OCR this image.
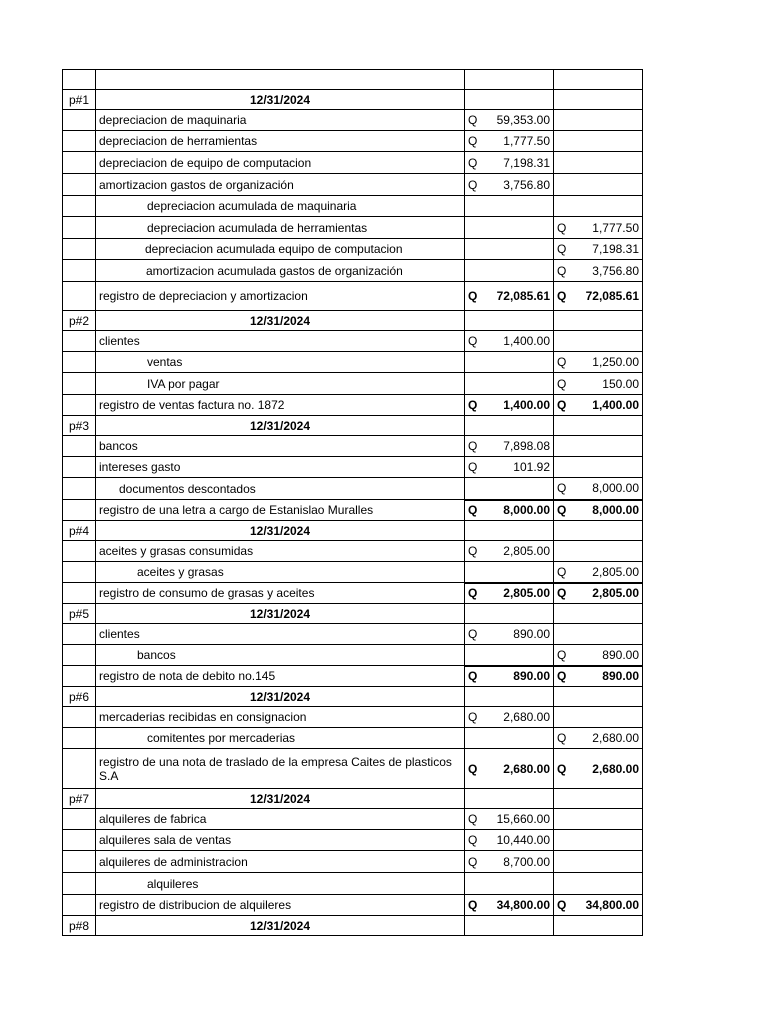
p#1	12/31/2024		
	depreciacion de maquinaria	Q 59,353.00	

	depreciacion de herramientas	Q 1,777.50	

	depreciacion de equipo de computacion	Q 7,198.31	

	amortizacion gastos de organización	Q 3,756.80	

	depreciacion acumulada de maquinaria		
	depreciacion acumulada de herramientas		Q 1,777.50

	depreciacion acumulada equipo de computacion		Q 7,198.31

	amortizacion acumulada gastos de organización		Q 3,756.80

	registro de depreciacion y amortizacion	Q 72,085.61	Q 72,085.61

p#2	12/31/2024		
	clientes	Q 1,400.00	

	ventas		Q 1,250.00

	IVA por pagar		Q 150.00

	registro de ventas factura no. 1872	Q 1,400.00	Q 1,400.00

p#3	12/31/2024		
	bancos	Q 7,898.08	

	intereses gasto	Q 101.92	

	documentos descontados		Q 8,000.00

	registro de una letra a cargo de Estanislao Muralles	Q 8,000.00	Q 8,000.00

p#4	12/31/2024		
	aceites y grasas consumidas	Q 2,805.00	

	aceites y grasas		Q 2,805.00

	registro de consumo de grasas y aceites	Q 2,805.00	Q 2,805.00

p#5	12/31/2024		
	clientes	Q 890.00	

	bancos		Q 890.00

	registro de nota de debito no.145	Q 890.00	Q 890.00

p#6	12/31/2024		
	mercaderias recibidas en consignacion	Q 2,680.00	

	comitentes por mercaderias		Q 2,680.00

	registro de una nota de traslado de la empresa Caites de plasticos S.A	Q 2,680.00	Q 2,680.00

p#7	12/31/2024		
	alquileres de fabrica	Q 15,660.00	

	alquileres sala de ventas	Q 10,440.00	

	alquileres de administracion	Q 8,700.00	

	alquileres		
	registro de distribucion de alquileres	Q 34,800.00	Q 34,800.00

p#8	12/31/2024		
